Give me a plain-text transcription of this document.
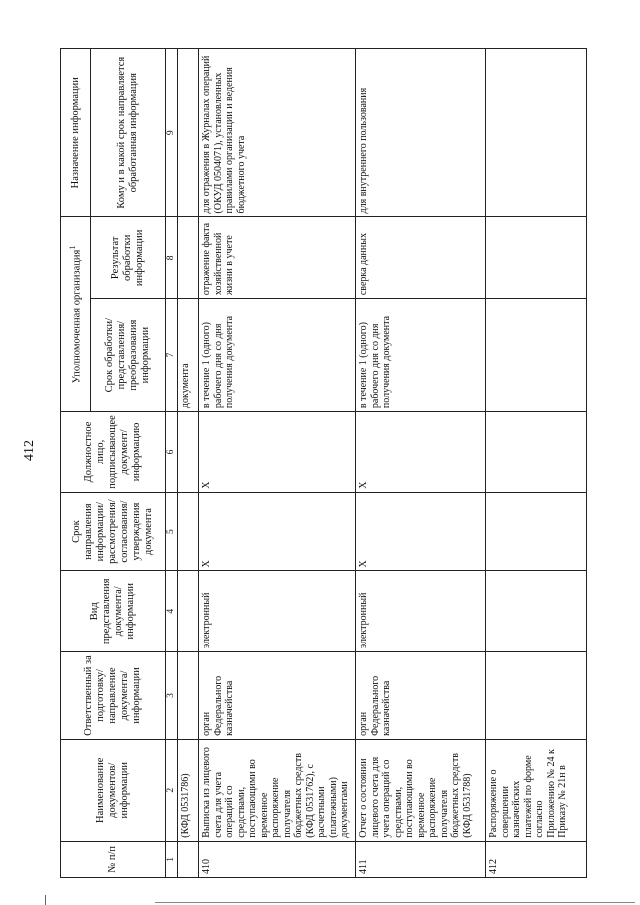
412
№ п/п	Наименование документов/ информации	Ответственный за подготовку/ направление документа/ информации	Вид представления документа/ информации	Срок направления информации/ рассмотрения/ согласования/ утверждения документа	Должностное лицо, подписывающее документ/ информацию	Уполномоченная организация$^1$		Назначение информации
						Срок обработки/ представления/ преобразования информации	Результат обработки информации	Кому и в какой срок направляется обработанная информация
1	2	3	4	5	6	7	8	9
	(КФД 0531786)					документа		
410	Выписка из лицевого счета для учета операций со средствами, поступающими во временное распоряжение получателя бюджетных средств (КФД 0531762), с расчетными (платежными) документами	орган Федерального казначейства	электронный	X	X	в течение 1 (одного) рабочего дня со дня получения документа	отражение факта хозяйственной жизни в учете	для отражения в Журналах операций (ОКУД 0504071), установленных правилами организации и ведения бюджетного учета
411	Отчет о состоянии лицевого счета для учета операций со средствами, поступающими во временное распоряжение получателя бюджетных средств (КФД 0531788)	орган Федерального казначейства	электронный	X	X	в течение 1 (одного) рабочего дня со дня получения документа	сверка данных	для внутреннего пользования
412	Распоряжение о совершении казначейских платежей по форме согласно Приложению № 24 к Приказу № 21н в							
